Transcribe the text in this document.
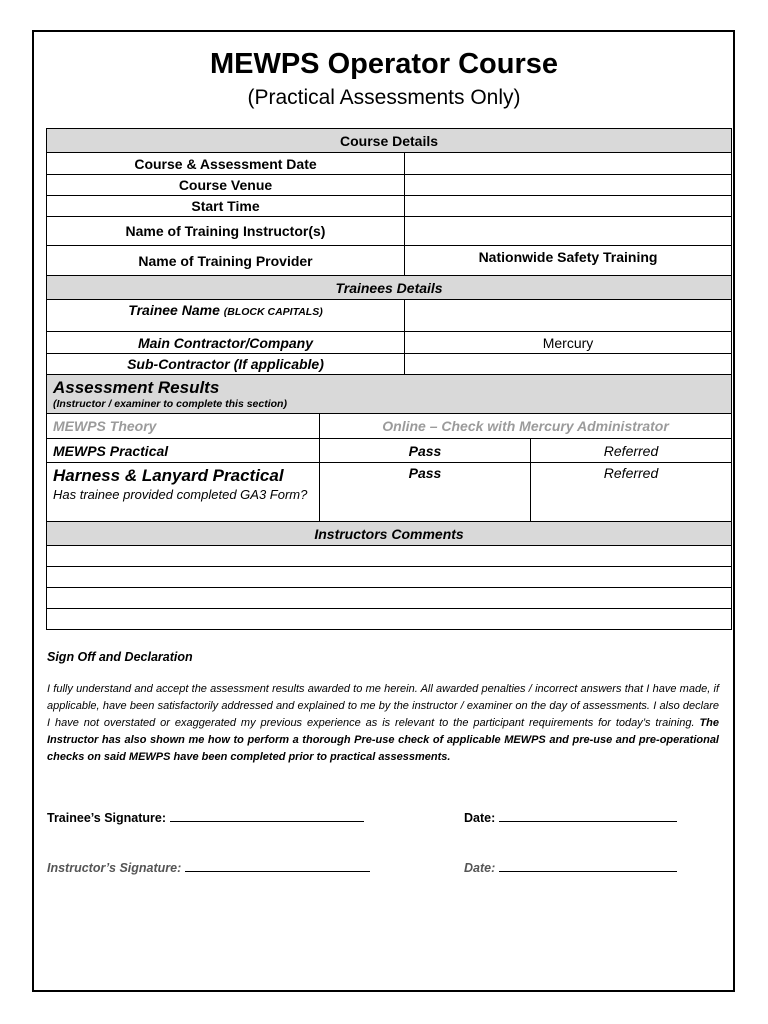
MEWPS Operator Course
(Practical Assessments Only)
Course Details			
Course & Assessment Date			
Course Venue			
Start Time			
Name of Training Instructor(s)			
Name of Training Provider		Nationwide Safety Training	
Trainees Details			
Trainee Name (BLOCK CAPITALS)			
Main Contractor/Company		Mercury	
Sub-Contractor (If applicable)			

Assessment Results
(Instructor / examiner to complete this section)			

MEWPS Theory	Online – Check with Mercury Administrator		
MEWPS Practical	Pass		Referred

Harness & Lanyard Practical
Has trainee provided completed GA3 Form?	Pass		Referred
Instructors Comments			

Sign Off and Declaration
I fully understand and accept the assessment results awarded to me herein. All awarded penalties / incorrect answers that I have made, if applicable, have been satisfactorily addressed and explained to me by the instructor / examiner on the day of assessments. I also declare I have not overstated or exaggerated my previous experience as is relevant to the participant requirements for today’s training. The Instructor has also shown me how to perform a thorough Pre-use check of applicable MEWPS and pre-use and pre-operational checks on said MEWPS have been completed prior to practical assessments.
Trainee’s Signature:	Date:
Instructor’s Signature:	Date:
